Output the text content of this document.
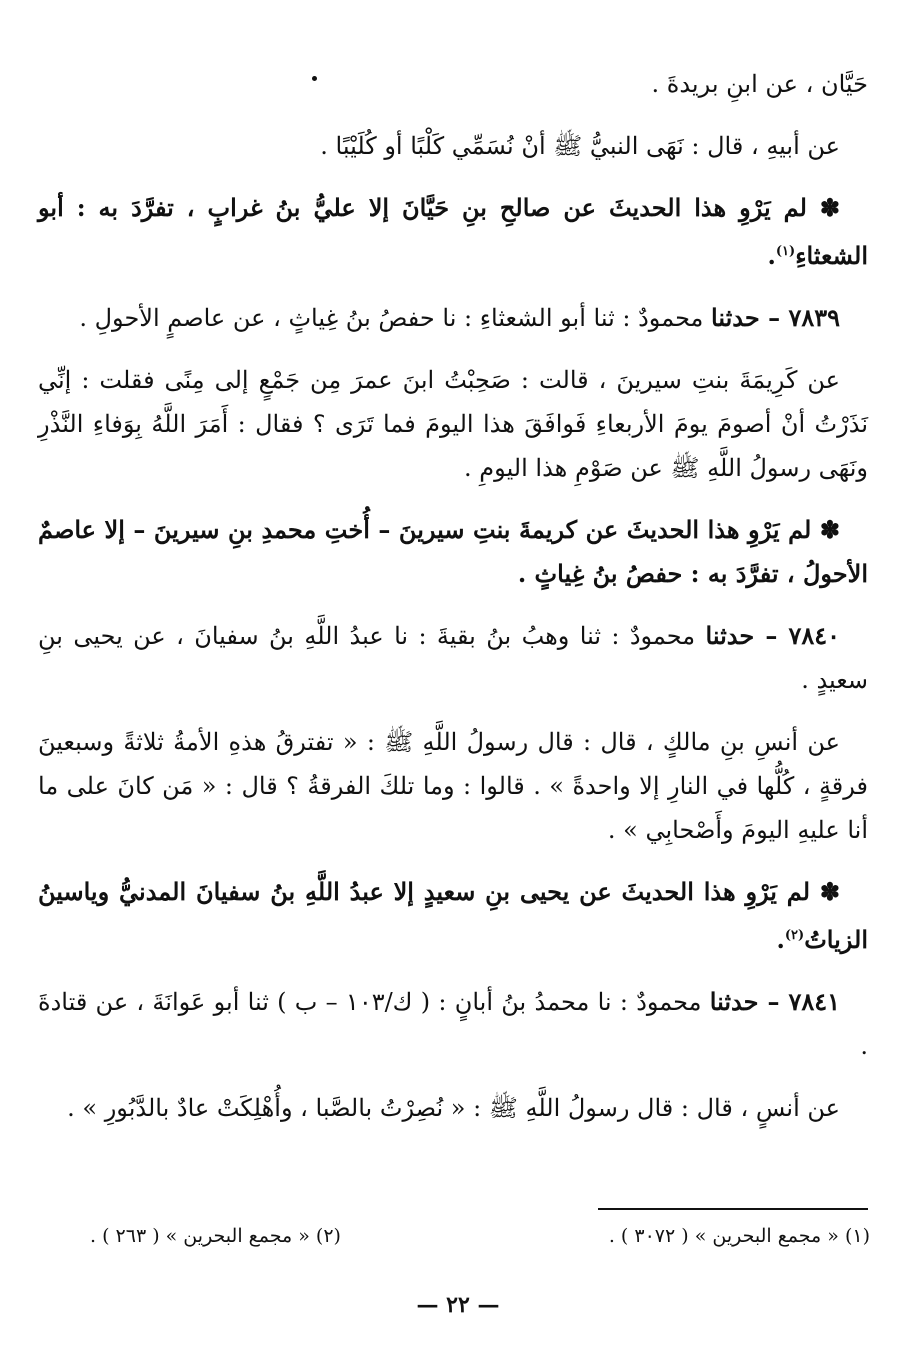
حَيَّان ، عن ابنِ بريدةَ .

عن أبيهِ ، قال : نَهَى النبيُّ ﷺ أنْ نُسَمِّي كَلْبًا أو كُلَيْبًا .

✽ لم يَرْوِ هذا الحديثَ عن صالحِ بنِ حَيَّانَ إلا عليُّ بنُ غرابٍ ، تفرَّدَ به : أبو الشعثاءِ$^{(١)}$.

٧٨٣٩ – حدثنا محمودٌ : ثنا أبو الشعثاءِ : نا حفصُ بنُ غِياثٍ ، عن عاصمٍ الأحولِ .

عن كَرِيمَةَ بنتِ سيرينَ ، قالت : صَحِبْتُ ابنَ عمرَ مِن جَمْعٍ إلى مِنًى فقلت : إنِّي نَذَرْتُ أنْ أصومَ يومَ الأربعاءِ فَوافَقَ هذا اليومَ فما تَرَى ؟ فقال : أَمَرَ اللَّهُ بِوَفاءِ النَّذْرِ ونَهَى رسولُ اللَّهِ ﷺ عن صَوْمِ هذا اليومِ .

✽ لم يَرْوِ هذا الحديثَ عن كريمةَ بنتِ سيرينَ – أُختِ محمدِ بنِ سيرينَ – إلا عاصمٌ الأحولُ ، تفرَّدَ به : حفصُ بنُ غِياثٍ .

٧٨٤٠ – حدثنا محمودٌ : ثنا وهبُ بنُ بقيةَ : نا عبدُ اللَّهِ بنُ سفيانَ ، عن يحيى بنِ سعيدٍ .

عن أنسِ بنِ مالكٍ ، قال : قال رسولُ اللَّهِ ﷺ : « تفترقُ هذهِ الأمةُ ثلاثةً وسبعينَ فرقةٍ ، كُلُّها في النارِ إلا واحدةً » . قالوا : وما تلكَ الفرقةُ ؟ قال : « مَن كانَ على ما أنا عليهِ اليومَ وأَصْحابِي » .

✽ لم يَرْوِ هذا الحديثَ عن يحيى بنِ سعيدٍ إلا عبدُ اللَّهِ بنُ سفيانَ المدنيُّ وياسينُ الزياتُ$^{(٢)}$.

٧٨٤١ – حدثنا محمودٌ : نا محمدُ بنُ أبانٍ : ( ك/١٠٣ – ب ) ثنا أبو عَوانَةَ ، عن قتادةَ .

عن أنسٍ ، قال : قال رسولُ اللَّهِ ﷺ : « نُصِرْتُ بالصَّبا ، وأُهْلِكَتْ عادٌ بالدَّبُورِ » .

(١) « مجمع البحرين » ( ٣٠٧٢ ) .
(٢) « مجمع البحرين » ( ٢٦٣ ) .
— ٢٢ —
